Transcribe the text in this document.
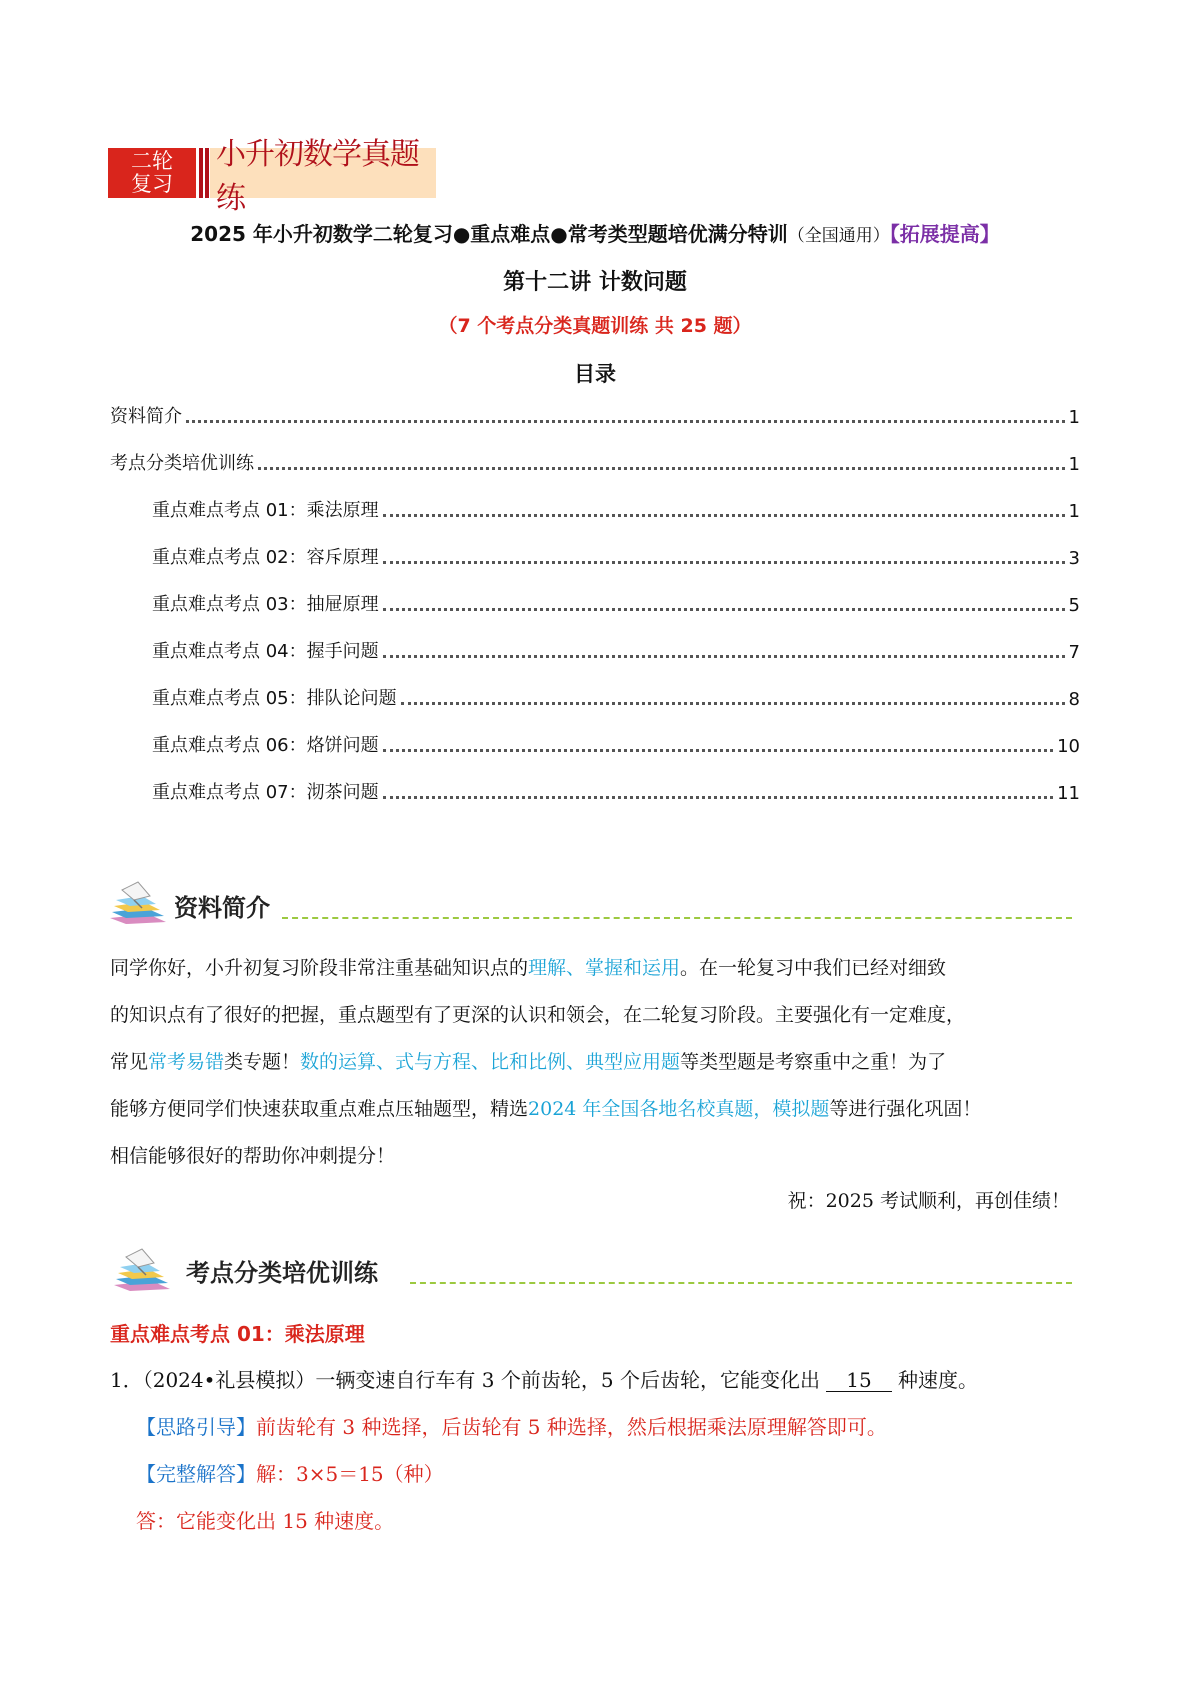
二轮复习
小升初数学真题练
2025 年小升初数学二轮复习●重点难点●常考类型题培优满分特训（全国通用）【拓展提高】
第十二讲 计数问题
（7 个考点分类真题训练 共 25 题）
目录
资料简介	1
考点分类培优训练	1
重点难点考点 01：乘法原理	1
重点难点考点 02：容斥原理	3
重点难点考点 03：抽屉原理	5
重点难点考点 04：握手问题	7
重点难点考点 05：排队论问题	8
重点难点考点 06：烙饼问题	10
重点难点考点 07：沏茶问题	11
资料简介

同学你好，小升初复习阶段非常注重基础知识点的理解、掌握和运用。在一轮复习中我们已经对细致

的知识点有了很好的把握，重点题型有了更深的认识和领会，在二轮复习阶段。主要强化有一定难度，

常见常考易错类专题！数的运算、式与方程、比和比例、典型应用题等类型题是考察重中之重！为了

能够方便同学们快速获取重点难点压轴题型，精选2024 年全国各地名校真题，模拟题等进行强化巩固！

相信能够很好的帮助你冲刺提分！

祝：2025 考试顺利，再创佳绩！
考点分类培优训练
重点难点考点 01：乘法原理
1．（2024•礼县模拟）一辆变速自行车有 3 个前齿轮，5 个后齿轮，它能变化出 15 种速度。
【思路引导】前齿轮有 3 种选择，后齿轮有 5 种选择，然后根据乘法原理解答即可。
【完整解答】解：3×5＝15（种）
答：它能变化出 15 种速度。
